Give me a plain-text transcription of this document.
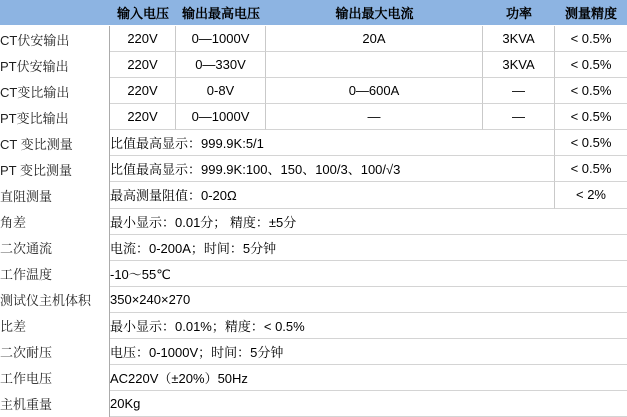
	输入电压	输出最高电压	输出最大电流	功率	测量精度
CT伏安输出	220V	0—1000V	20A	3KVA	< 0.5%
PT伏安输出	220V	0—330V		3KVA	< 0.5%
CT变比输出	220V	0-8V	0—600A	—	< 0.5%
PT变比输出	220V	0—1000V	—	—	< 0.5%
CT 变比测量	比值最高显示：999.9K:5/1				< 0.5%
PT 变比测量	比值最高显示：999.9K:100、150、100/3、100/√3				< 0.5%
直阻测量	最高测量阻值：0-20Ω				< 2%
角差	最小显示：0.01分； 精度：±5分				
二次通流	电流：0-200A；时间：5分钟				
工作温度	-10～55℃				
测试仪主机体积	350×240×270				
比差	最小显示：0.01%；精度：< 0.5%				
二次耐压	电压：0-1000V；时间：5分钟				
工作电压	AC220V（±20%）50Hz				
主机重量	20Kg				
